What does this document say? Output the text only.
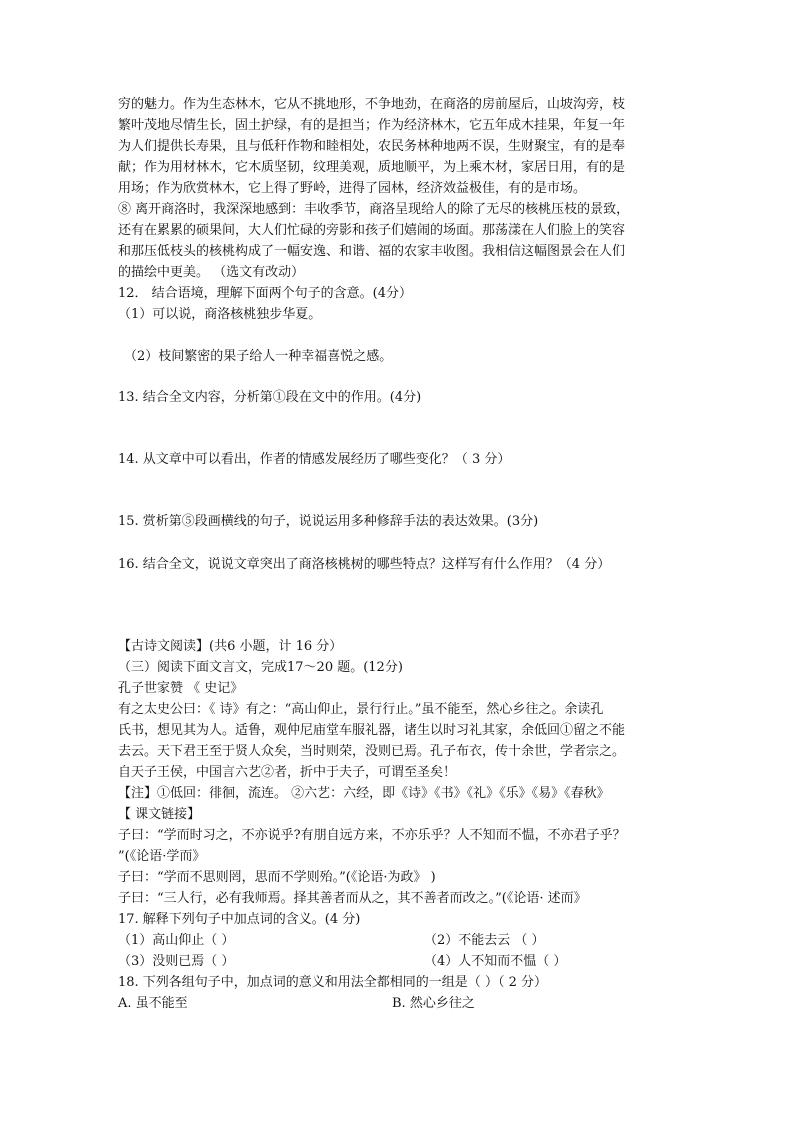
穷的魅力。作为生态林木，它从不挑地形，不争地劲，在商洛的房前屋后，山坡沟旁，枝
繁叶茂地尽情生长，固土护绿，有的是担当；作为经济林木，它五年成木挂果，年复一年
为人们提供长寿果，且与低秆作物和睦相处，农民务林种地两不误，生财聚宝，有的是奉
献；作为用材林木，它木质坚韧，纹理美观，质地顺平，为上乘木材，家居日用，有的是
用场；作为欣赏林木，它上得了野岭，进得了园林，经济效益极佳，有的是市场。
⑧ 离开商洛时，我深深地感到：丰收季节，商洛呈现给人的除了无尽的核桃压枝的景致，
还有在累累的硕果间，大人们忙碌的旁影和孩子们嬉闹的场面。那荡漾在人们脸上的笑容
和那压低枝头的核桃构成了一幅安逸、和谐、福的农家丰收图。我相信这幅图景会在人们
的描绘中更美。 （选文有改动）
12． 结合语境，理解下面两个句子的含意。(4分）
（1）可以说，商洛核桃独步华夏。
（2）枝间繁密的果子给人一种幸福喜悦之感。
13. 结合全文内容，分析第①段在文中的作用。(4分)
14. 从文章中可以看出，作者的情感发展经历了哪些变化？（ 3 分）
15. 赏析第⑤段画横线的句子，说说运用多种修辞手法的表达效果。(3分)
16. 结合全文，说说文章突出了商洛核桃树的哪些特点？这样写有什么作用？（4 分）
【古诗文阅读】(共6 小题，计 16 分）
（三）阅读下面文言文，完成17～20 题。(12分)
孔子世家赞 《 史记》
有之太史公曰：《 诗》有之：“高山仰止，景行行止。”虽不能至，然心乡往之。余读孔
氏书，想见其为人。适鲁，观仲尼庙堂车服礼器，诸生以时习礼其家，余低回①留之不能
去云。天下君王至于贤人众矣，当时则荣，没则已焉。孔子布衣，传十余世，学者宗之。
自天子王侯，中国言六艺②者，折中于夫子，可谓至圣矣！
【注】①低回：徘徊，流连。 ②六艺：六经，即《诗》《书》《礼》《乐》《易》《春秋》
【 课文链接】
子曰：“学而时习之，不亦说乎?有朋自远方来，不亦乐乎？人不知而不愠，不亦君子乎？
”(《论语·学而》
子曰：“学而不思则罔，思而不学则殆。”(《论语·为政》 )
子曰：“三人行，必有我师焉。择其善者而从之，其不善者而改之。”(《论语· 述而》
17. 解释下列句子中加点词的含义。(4 分)
（1）高山仰止（ ）	（2）不能去云 （ ）
（3）没则已焉（ ）	（4）人不知而不愠（ ）
18. 下列各组句子中，加点词的意义和用法全都相同的一组是（ ）（ 2 分）
A. 虽不能至	B. 然心乡往之
